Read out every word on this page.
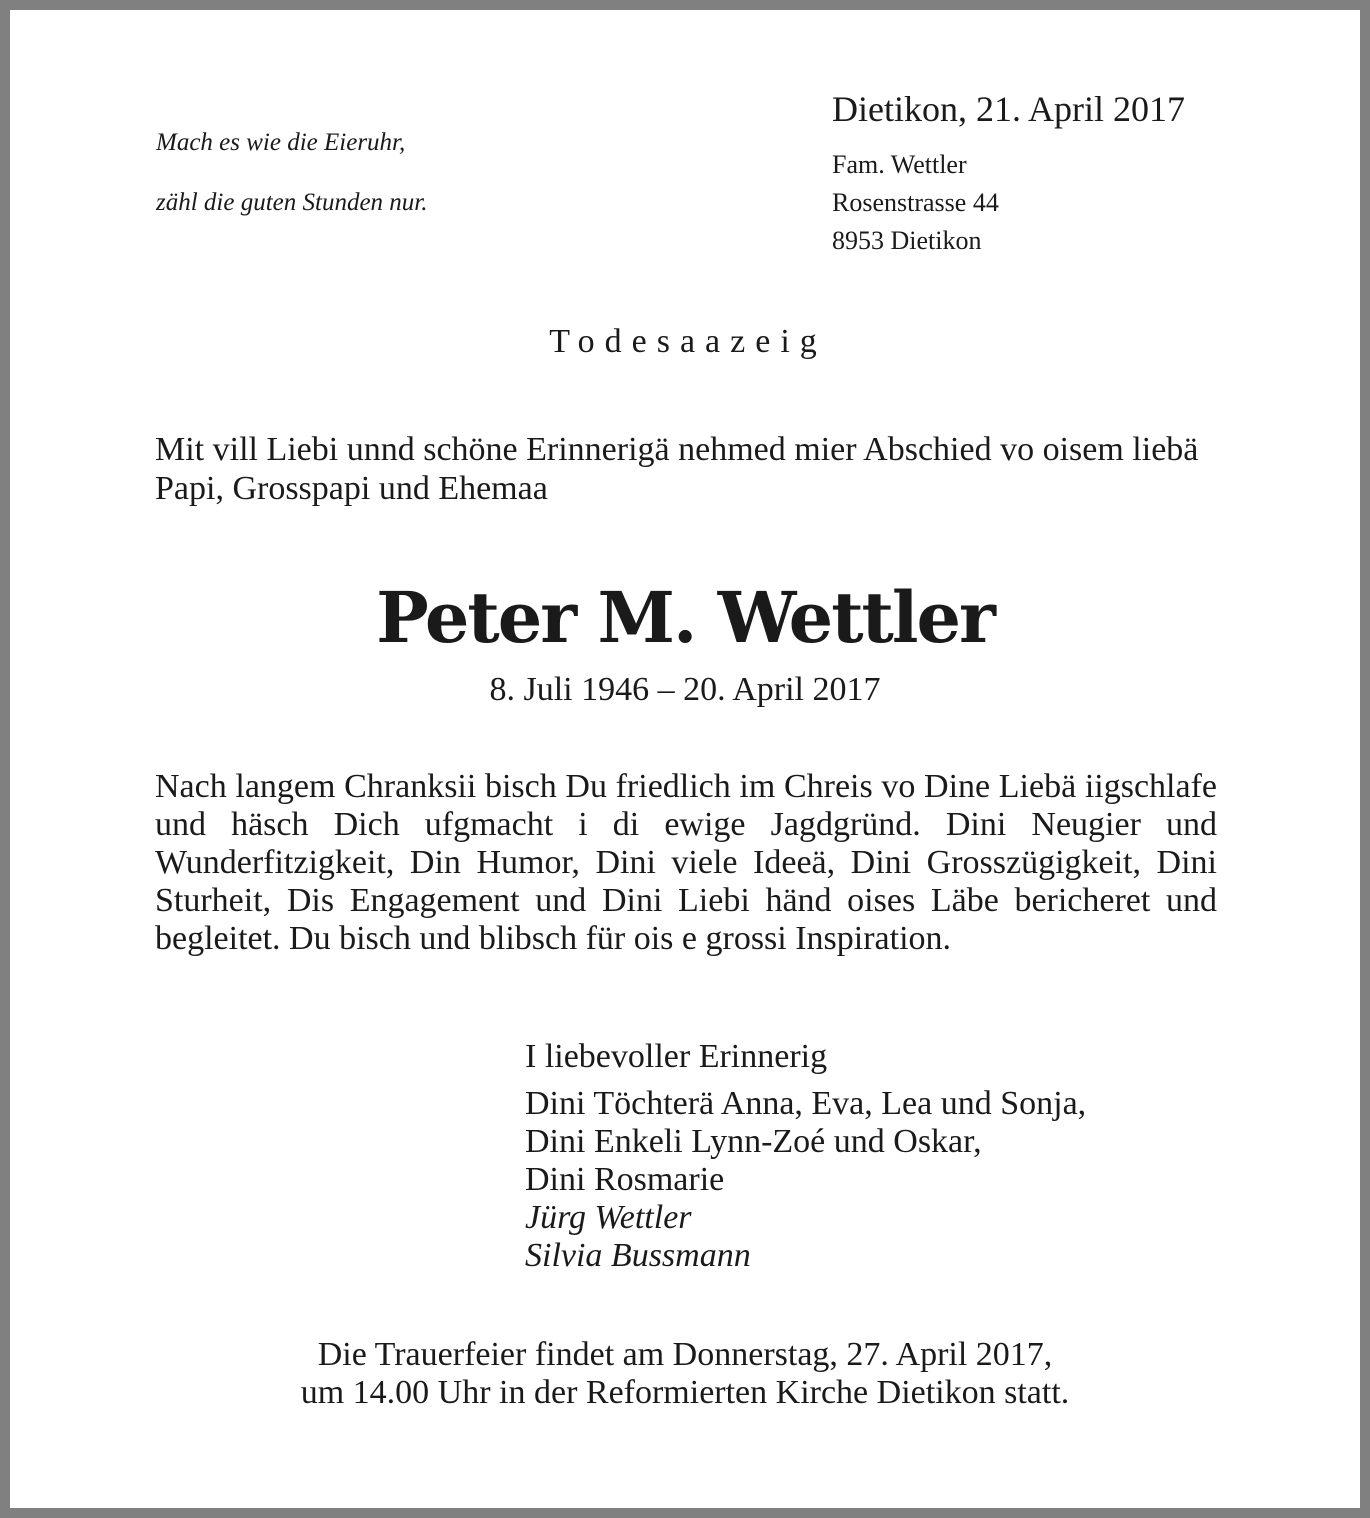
Mach es wie die Eieruhr,

zähl die guten Stunden nur.

Dietikon, 21. April 2017
Fam. Wettler
Rosenstrasse 44
8953 Dietikon
Todesaazeig
Mit vill Liebi unnd schöne Erinnerigä nehmed mier Abschied vo oisem liebä Papi, Grosspapi und Ehemaa
Peter M. Wettler
8. Juli 1946 – 20. April 2017
Nach langem Chranksii bisch Du friedlich im Chreis vo Dine Liebä iigschlafe und häsch Dich ufgmacht i di ewige Jagdgründ. Dini Neugier und Wunderfitzigkeit, Din Humor, Dini viele Ideeä, Dini Grosszügigkeit, Dini Sturheit, Dis Engagement und Dini Liebi händ oises Läbe bericheret und begleitet. Du bisch und blibsch für ois e grossi Inspiration.
I liebevoller Erinnerig
Dini Töchterä Anna, Eva, Lea und Sonja,
Dini Enkeli Lynn-Zoé und Oskar,
Dini Rosmarie
Jürg Wettler
Silvia Bussmann
Die Trauerfeier findet am Donnerstag, 27. April 2017,
um 14.00 Uhr in der Reformierten Kirche Dietikon statt.
